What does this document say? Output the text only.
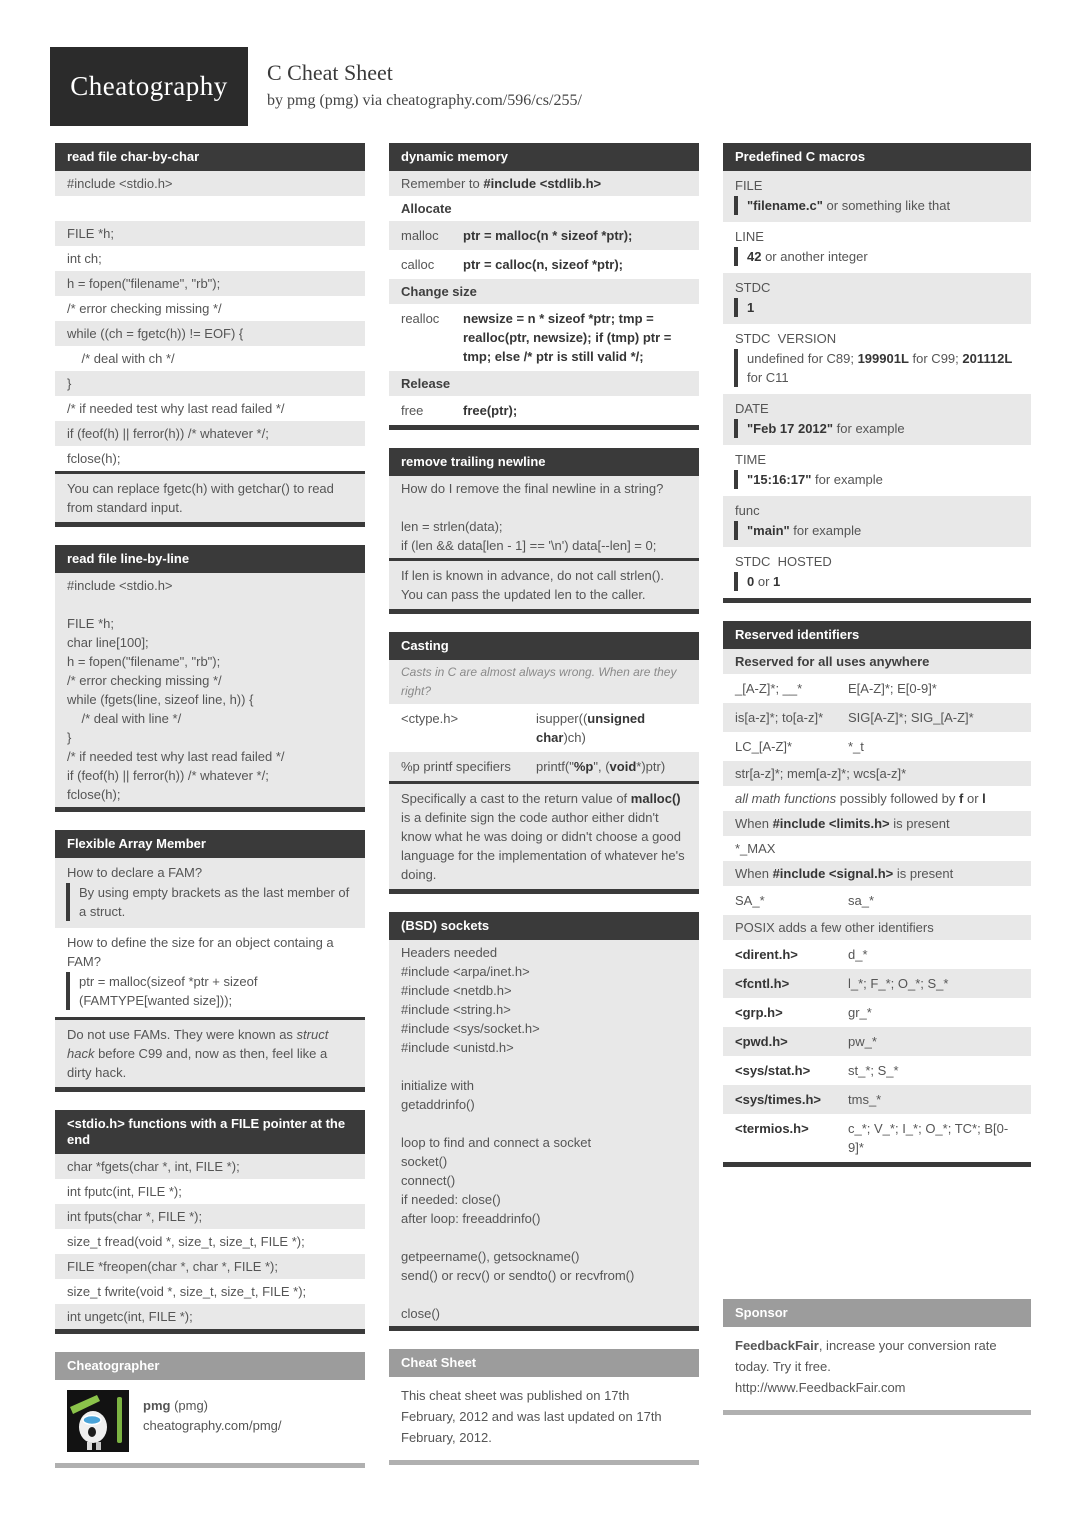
Cheatography	C Cheat Sheet
by pmg (pmg) via cheatography.com/596/cs/255/
read file char-by-char
#include <stdio.h>

FILE *h;
int ch;
h = fopen("filename", "rb");
/* error checking missing */
while ((ch = fgetc(h)) != EOF) {
/* deal with ch */
}
/* if needed test why last read failed */
if (feof(h) || ferror(h)) /* whatever */;
fclose(h);
You can replace fgetc(h) with getchar() to read from standard input.
read file line-by-line
#include <stdio.h>

FILE *h;
char line[100];
h = fopen("filename", "rb");
/* error checking missing */
while (fgets(line, sizeof line, h)) {
/* deal with line */
}
/* if needed test why last read failed */
if (feof(h) || ferror(h)) /* whatever */;
fclose(h);
Flexible Array Member
How to declare a FAM?
By using empty brackets as the last member of a struct.
How to define the size for an object containg a FAM?
ptr = malloc(sizeof *ptr + sizeof (FAMTYPE[wanted size]));
Do not use FAMs. They were known as struct hack before C99 and, now as then, feel like a dirty hack.
<stdio.h> functions with a FILE pointer at the end
char *fgets(char *, int, FILE *);
int fputc(int, FILE *);
int fputs(char *, FILE *);
size_t fread(void *, size_t, size_t, FILE *);
FILE *freopen(char *, char *, FILE *);
size_t fwrite(void *, size_t, size_t, FILE *);
int ungetc(int, FILE *);
Cheatographer
pmg (pmg)
cheatography.com/pmg/
dynamic memory
Remember to #include <stdlib.h>
Allocate
malloc	ptr = malloc(n * sizeof *ptr);
calloc	ptr = calloc(n, sizeof *ptr);
Change size
realloc	newsize = n * sizeof *ptr; tmp = realloc(ptr, newsize); if (tmp) ptr = tmp; else /* ptr is still valid */;
Release
free	free(ptr);
remove trailing newline
How do I remove the final newline in a string?

len = strlen(data);
if (len && data[len - 1] == '\n') data[--len] = 0;
If len is known in advance, do not call strlen(). You can pass the updated len to the caller.
Casting
Casts in C are almost always wrong. When are they right?
<ctype.h>	isupper((unsigned char)ch)
%p printf specifiers	printf("%p", (void*)ptr)
Specifically a cast to the return value of malloc() is a definite sign the code author either didn't know what he was doing or didn't choose a good language for the implementation of whatever he's doing.
(BSD) sockets
Headers needed
#include <arpa/inet.h>
#include <netdb.h>
#include <string.h>
#include <sys/socket.h>
#include <unistd.h>

initialize with
getaddrinfo()

loop to find and connect a socket
socket()
connect()
if needed: close()
after loop: freeaddrinfo()

getpeername(), getsockname()
send() or recv() or sendto() or recvfrom()

close()
Cheat Sheet
This cheat sheet was published on 17th February, 2012 and was last updated on 17th February, 2012.
Predefined C macros
FILE
"filename.c" or something like that
LINE
42 or another integer
STDC
1
STDC  VERSION
undefined for C89; 199901L for C99; 201112L for C11
DATE
"Feb 17 2012" for example
TIME
"15:16:17" for example
func
"main" for example
STDC  HOSTED
0 or 1
Reserved identifiers
Reserved for all uses anywhere
_[A-Z]*; __*	E[A-Z]*; E[0-9]*
is[a-z]*; to[a-z]*	SIG[A-Z]*; SIG_[A-Z]*
LC_[A-Z]*	*_t
str[a-z]*; mem[a-z]*; wcs[a-z]*
all math functions possibly followed by f or l
When #include <limits.h> is present
*_MAX
When #include <signal.h> is present
SA_*	sa_*
POSIX adds a few other identifiers
<dirent.h>	d_*
<fcntl.h>	l_*; F_*; O_*; S_*
<grp.h>	gr_*
<pwd.h>	pw_*
<sys/stat.h>	st_*; S_*
<sys/times.h>	tms_*
<termios.h>	c_*; V_*; I_*; O_*; TC*; B[0-9]*
Sponsor
FeedbackFair, increase your conversion rate today. Try it free.
http://www.FeedbackFair.com
